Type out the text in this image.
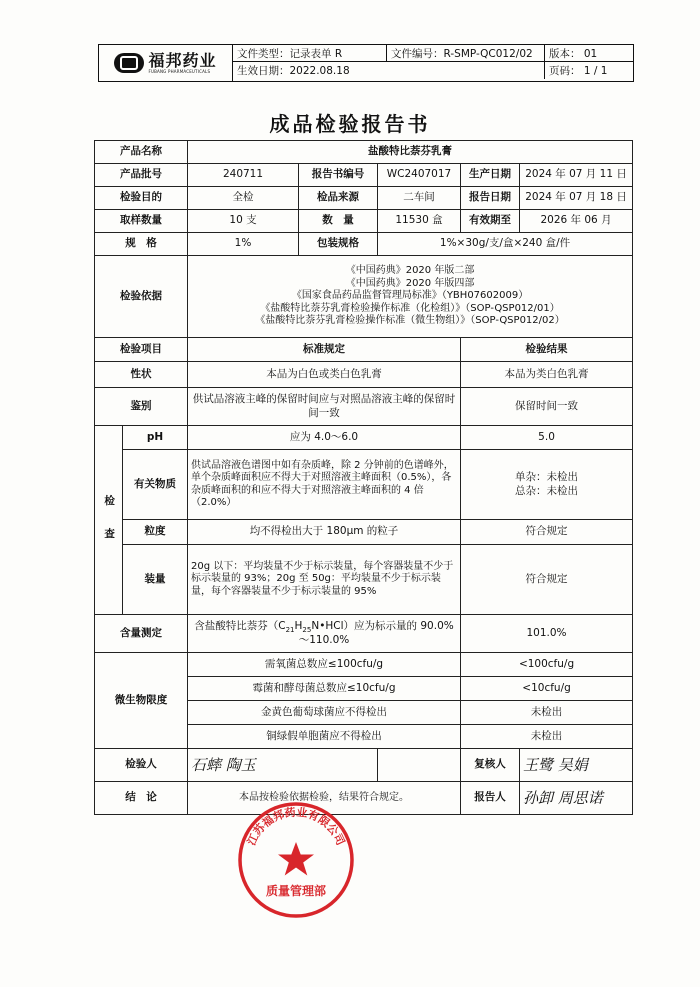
福邦药业
FUBANG PHARMACEUTICALS
文件类型：记录表单 R	文件编号：R-SMP-QC012/02	版本： 01
生效日期：2022.08.18	页码： 1 / 1
成品检验报告书
产品名称		盐酸特比萘芬乳膏				
产品批号		240711	报告书编号	WC2407017	生产日期	2024 年 07 月 11 日
检验目的		全检	检品来源	二车间	报告日期	2024 年 07 月 18 日
取样数量		10 支	数　量	11530 盒	有效期至	2026 年 06 月
规　格		1%	包装规格	1%×30g/支/盒×240 盒/件		
检验依据		《中国药典》2020 年版二部
《中国药典》2020 年版四部
《国家食品药品监督管理局标准》（YBH07602009）
《盐酸特比萘芬乳膏检验操作标准（化检组）》（SOP-QSP012/01）
《盐酸特比萘芬乳膏检验操作标准（微生物组）》（SOP-QSP012/02）				

检验项目		标准规定			检验结果	
性状		本品为白色或类白色乳膏			本品为类白色乳膏	
鉴别		供试品溶液主峰的保留时间应与对照品溶液主峰的保留时间一致			保留时间一致	
检　查	pH	应为 4.0～6.0			5.0	
	有关物质	供试品溶液色谱图中如有杂质峰，除 2 分钟前的色谱峰外，单个杂质峰面积应不得大于对照溶液主峰面积（0.5%），各杂质峰面积的和应不得大于对照溶液主峰面积的 4 倍（2.0%）			单杂：未检出
总杂：未检出	

	粒度	均不得检出大于 180μm 的粒子			符合规定	
	装量	20g 以下：平均装量不少于标示装量，每个容器装量不少于标示装量的 93%；20g 至 50g：平均装量不少于标示装量，每个容器装量不少于标示装量的 95%			符合规定	
含量测定		含盐酸特比萘芬$(C_{21}H_{25}N•HCl)$应为标示量的 90.0%～110.0%			101.0%	
微生物限度		需氧菌总数应≤100cfu/g			<100cfu/g	
		霉菌和酵母菌总数应≤10cfu/g			<10cfu/g	
		金黄色葡萄球菌应不得检出			未检出	
		铜绿假单胞菌应不得检出			未检出	
检验人		石蟀 陶玉			复核人	王鹭 吴娟
结　论		本品按检验依据检验，结果符合规定。			报告人	孙卸 周思诺
江苏福邦药业有限公司
质量管理部
